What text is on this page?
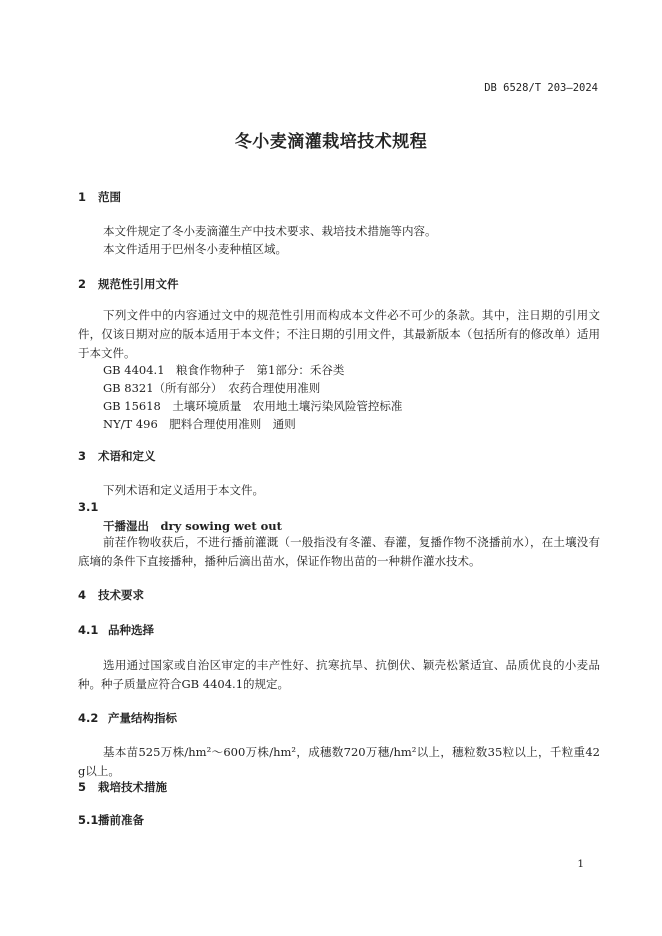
DB 6528/T 203—2024
冬小麦滴灌栽培技术规程
1 范围
本文件规定了冬小麦滴灌生产中技术要求、栽培技术措施等内容。
本文件适用于巴州冬小麦种植区域。
2 规范性引用文件
下列文件中的内容通过文中的规范性引用而构成本文件必不可少的条款。其中，注日期的引用文件，仅该日期对应的版本适用于本文件；不注日期的引用文件，其最新版本（包括所有的修改单）适用于本文件。
GB 4404.1　粮食作物种子　第1部分：禾谷类
GB 8321（所有部分）　农药合理使用准则
GB 15618　土壤环境质量　农用地土壤污染风险管控标准
NY/T 496　肥料合理使用准则　通则
3 术语和定义
下列术语和定义适用于本文件。
3.1
干播湿出　 dry sowing wet out
前茬作物收获后，不进行播前灌溉（一般指没有冬灌、春灌，复播作物不浇播前水），在土壤没有底墒的条件下直接播种，播种后滴出苗水，保证作物出苗的一种耕作灌水技术。
4 技术要求
4.1 品种选择
选用通过国家或自治区审定的丰产性好、抗寒抗旱、抗倒伏、颖壳松紧适宜、品质优良的小麦品种。种子质量应符合GB 4404.1的规定。
4.2 产量结构指标
基本苗525万株/hm²～600万株/hm²，成穗数720万穗/hm²以上，穗粒数35粒以上，千粒重42 g以上。
5 栽培技术措施
5.1播前准备
1
